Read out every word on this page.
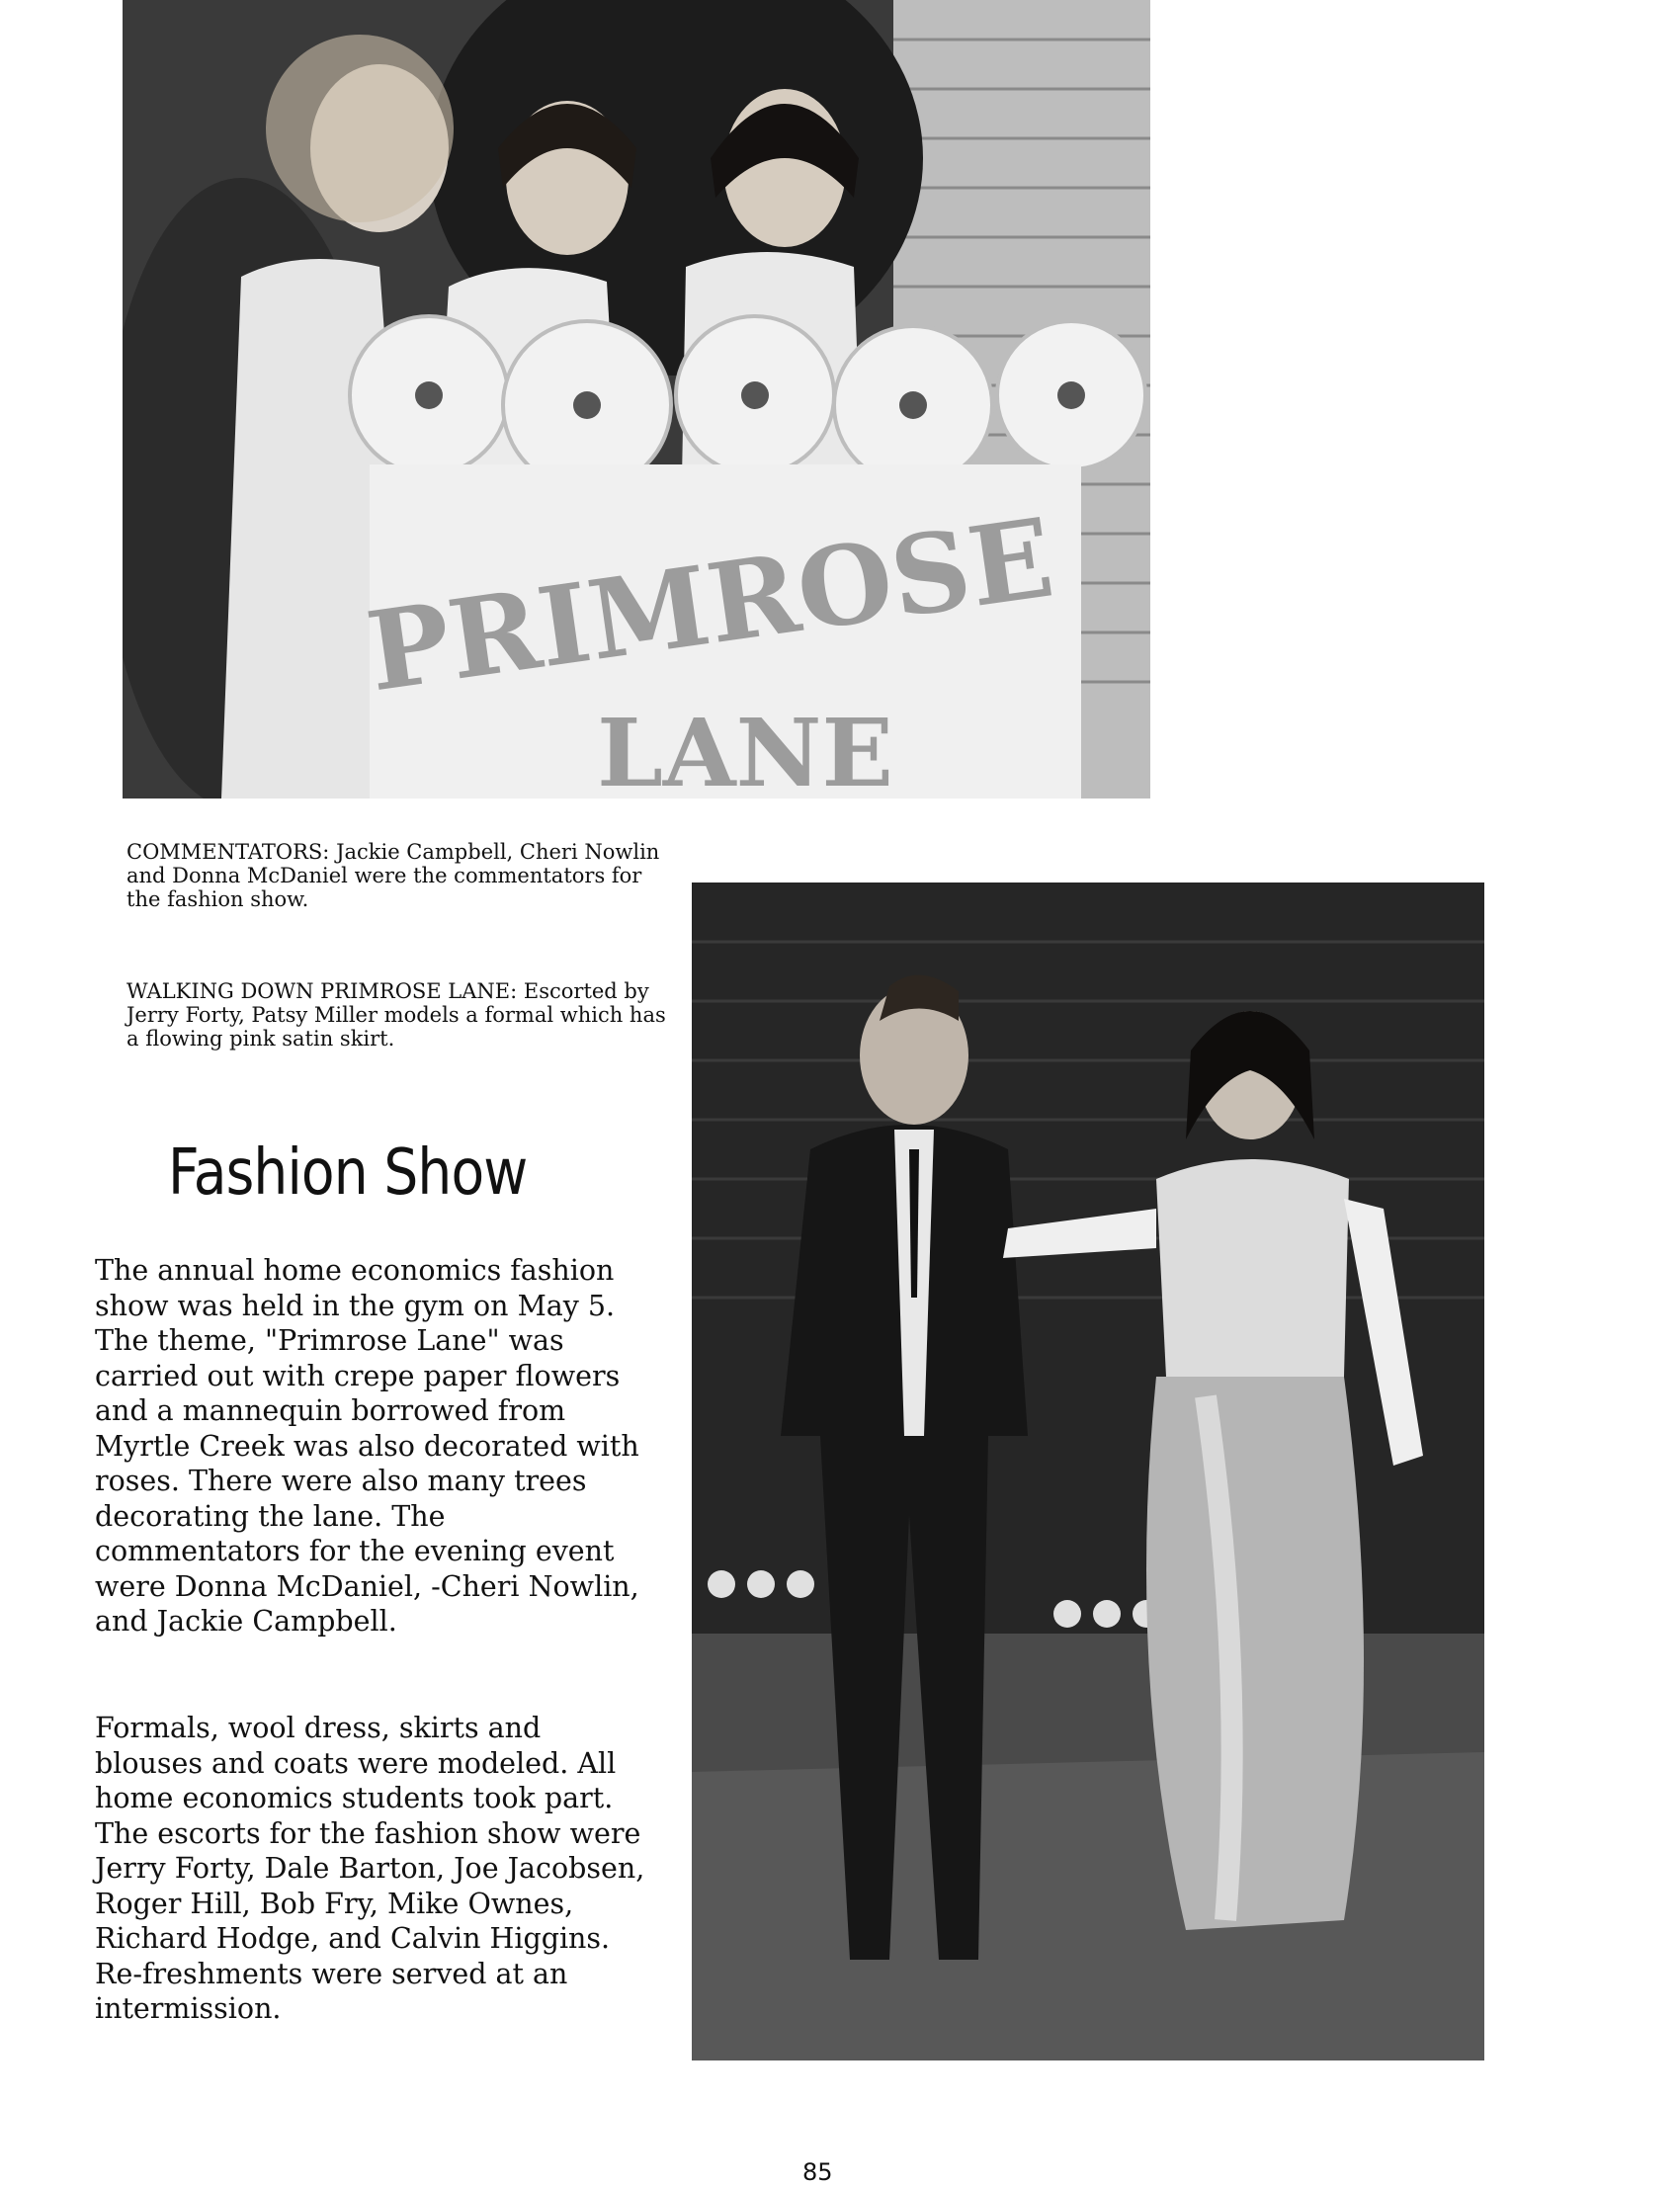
PRIMROSE
LANE
COMMENTATORS: Jackie Campbell, Cheri Nowlin and Donna McDaniel were the commentators for the fashion show.
WALKING DOWN PRIMROSE LANE: Escorted by Jerry Forty, Patsy Miller models a formal which has a flowing pink satin skirt.
Fashion Show

The annual home economics fashion show was held in the gym on May 5. The theme, "Primrose Lane" was carried out with crepe paper flowers and a mannequin borrowed from Myrtle Creek was also decorated with roses. There were also many trees decorating the lane. The commentators for the evening event were Donna McDaniel, -Cheri Nowlin, and Jackie Campbell.

Formals, wool dress, skirts and blouses and coats were modeled. All home economics students took part. The escorts for the fashion show were Jerry Forty, Dale Barton, Joe Jacobsen, Roger Hill, Bob Fry, Mike Ownes, Richard Hodge, and Calvin Higgins. Re-freshments were served at an intermission.

85
